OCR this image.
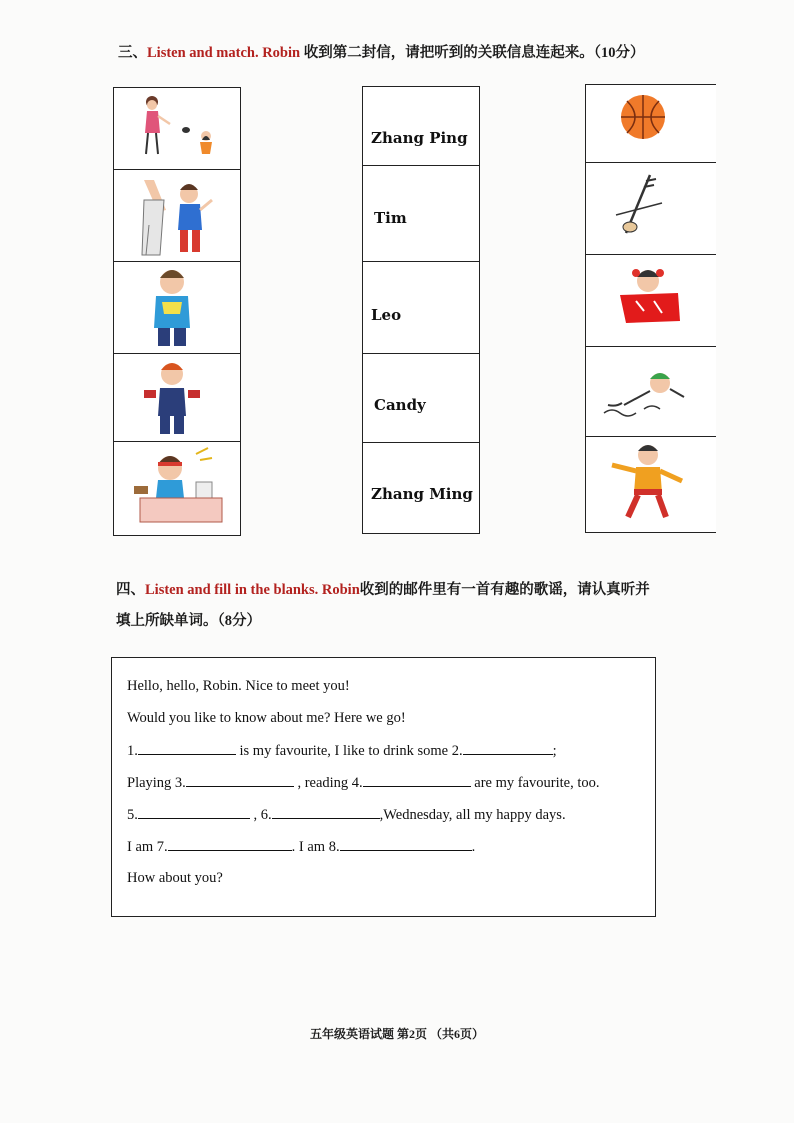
三、Listen and match. Robin 收到第二封信，请把听到的关联信息连起来。（10分）
Zhang Ping
Tim
Leo
Candy
Zhang Ming
四、Listen and fill in the blanks. Robin收到的邮件里有一首有趣的歌谣，请认真听并
填上所缺单词。（8分）
Hello, hello, Robin. Nice to meet you!
Would you like to know about me? Here we go!
1.	is my favourite, I like to drink some 2.	;
Playing 3.	, reading 4.	are my favourite, too.
5.	, 6.	,Wednesday, all my happy days.
I am 7.	. I am 8.	.
How about you?
五年级英语试题 第2页 （共6页）
